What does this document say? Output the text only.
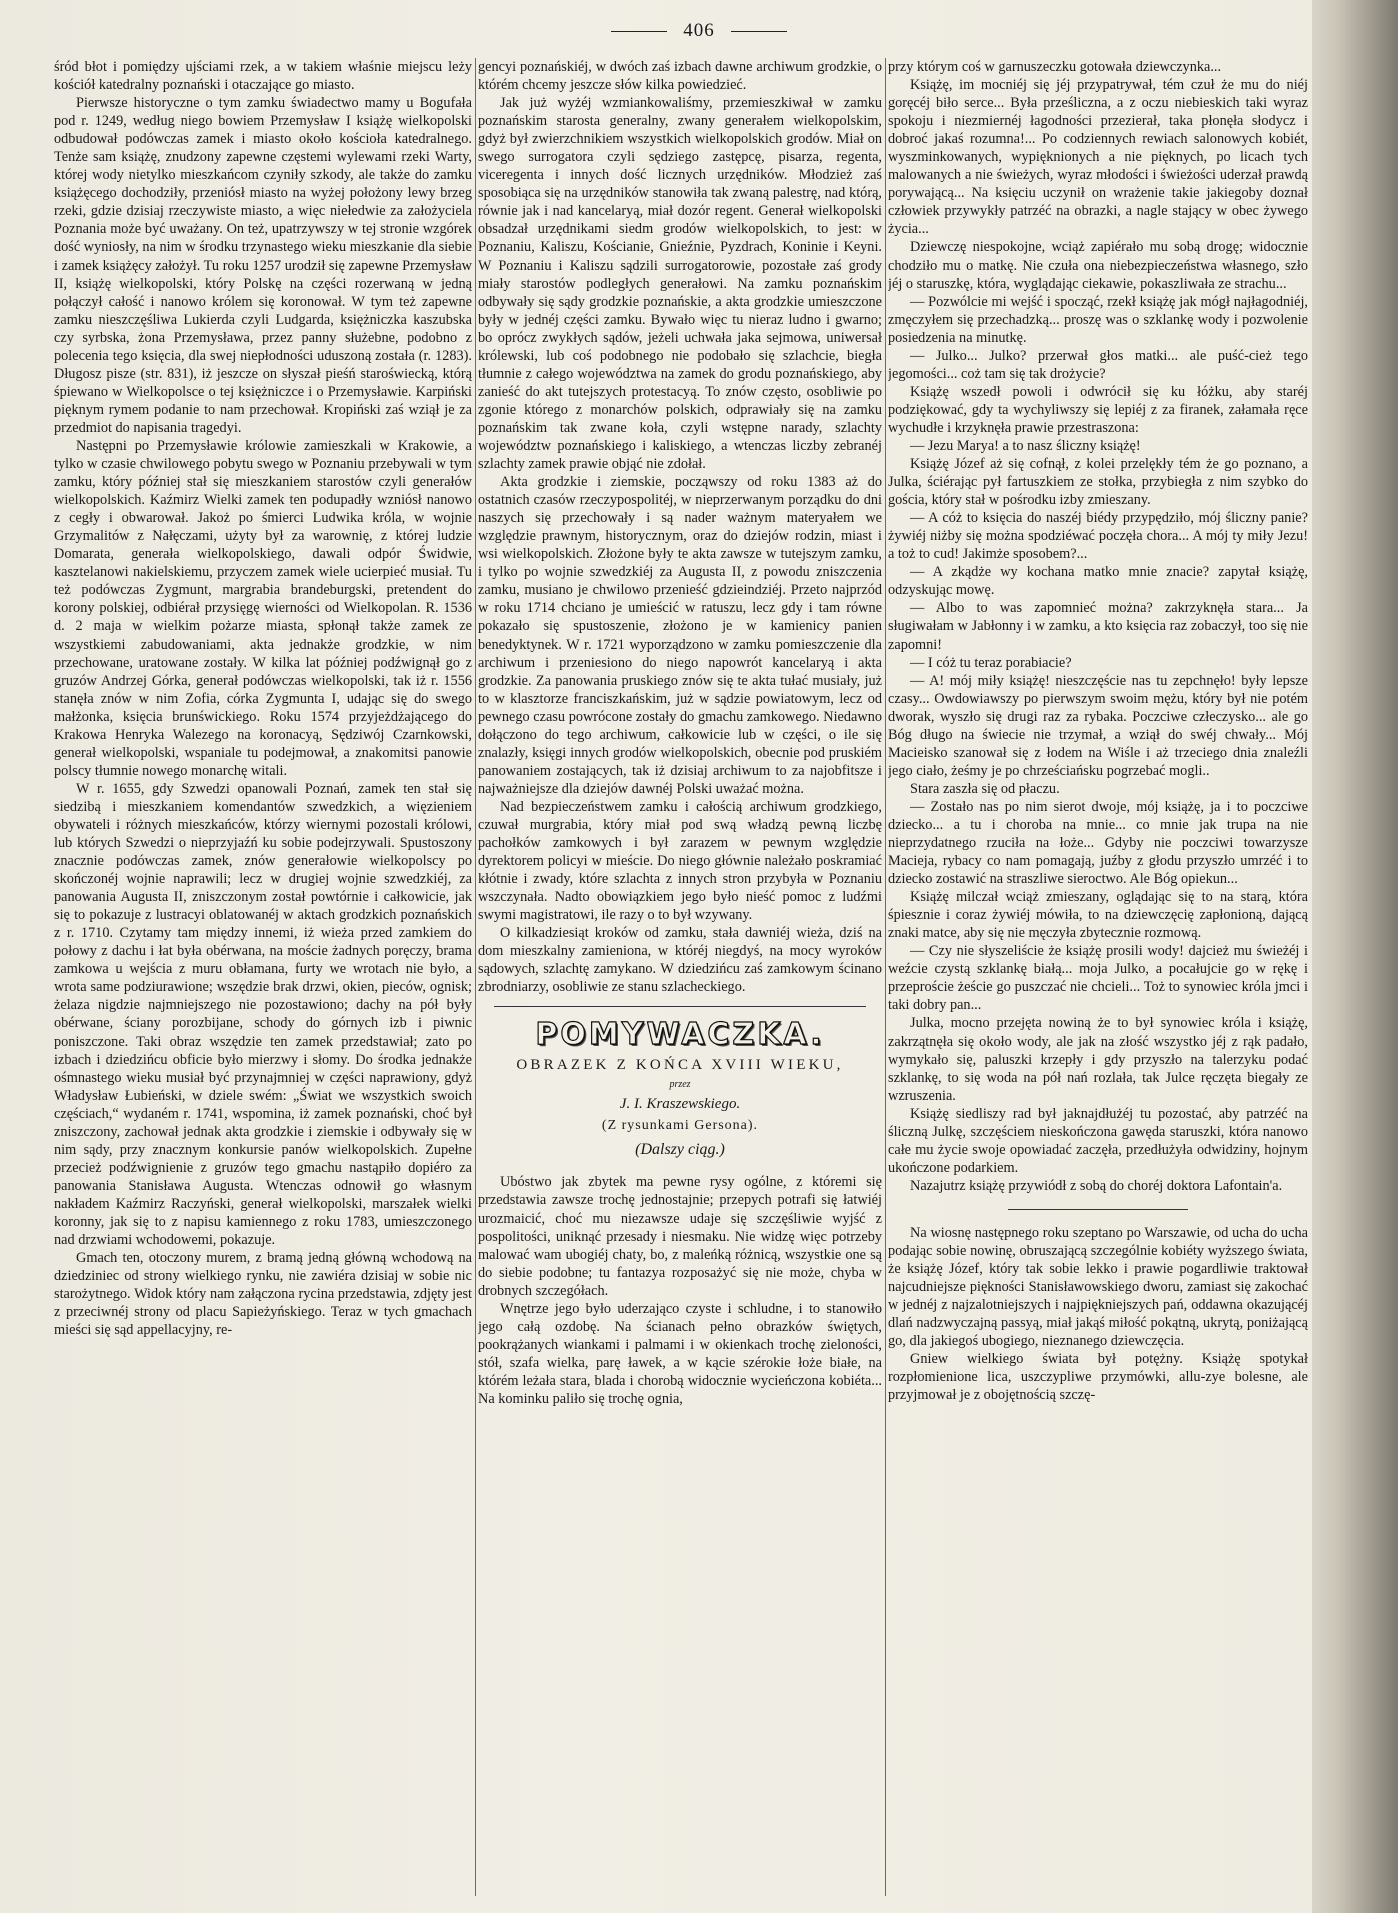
406

śród błot i pomiędzy ujściami rzek, a w takiem właśnie miejscu leży kościół katedralny poznański i otaczające go miasto.

Pierwsze historyczne o tym zamku świadectwo mamy u Bogufała pod r. 1249, według niego bowiem Przemysław I książę wielkopolski odbudował podówczas zamek i miasto około kościoła katedralnego. Tenże sam książę, znudzony zapewne częstemi wylewami rzeki Warty, której wody nietylko mieszkańcom czyniły szkody, ale także do zamku książęcego dochodziły, przeniósł miasto na wyżej położony lewy brzeg rzeki, gdzie dzisiaj rzeczywiste miasto, a więc niełedwie za założyciela Poznania może być uważany. On też, upatrzywszy w tej stronie wzgórek dość wyniosły, na nim w środku trzynastego wieku mieszkanie dla siebie i zamek książęcy założył. Tu roku 1257 urodził się zapewne Przemysław II, książę wielkopolski, który Polskę na części rozerwaną w jedną połączył całość i nanowo królem się koronował. W tym też zapewne zamku nieszczęśliwa Lukierda czyli Ludgarda, księżniczka kaszubska czy syrbska, żona Przemysława, przez panny służebne, podobno z polecenia tego księcia, dla swej niepłodności uduszoną została (r. 1283). Długosz pisze (str. 831), iż jeszcze on słyszał pieśń staroświecką, którą śpiewano w Wielkopolsce o tej księżniczce i o Przemysławie. Karpiński pięknym rymem podanie to nam przechował. Kropiński zaś wziął je za przedmiot do napisania tragedyi.

Następni po Przemysławie królowie zamieszkali w Krakowie, a tylko w czasie chwilowego pobytu swego w Poznaniu przebywali w tym zamku, który później stał się mieszkaniem starostów czyli generałów wielkopolskich. Kaźmirz Wielki zamek ten podupadły wzniósł nanowo z cegły i obwarował. Jakoż po śmierci Ludwika króla, w wojnie Grzymalitów z Nałęczami, użyty był za warownię, z której ludzie Domarata, generała wielkopolskiego, dawali odpór Świdwie, kasztelanowi nakielskiemu, przyczem zamek wiele ucierpieć musiał. Tu też podówczas Zygmunt, margrabia brandeburgski, pretendent do korony polskiej, odbiérał przysięgę wierności od Wielkopolan. R. 1536 d. 2 maja w wielkim pożarze miasta, spłonął także zamek ze wszystkiemi zabudowaniami, akta jednakże grodzkie, w nim przechowane, uratowane zostały. W kilka lat później podźwignął go z gruzów Andrzej Górka, generał podówczas wielkopolski, tak iż r. 1556 stanęła znów w nim Zofia, córka Zygmunta I, udając się do swego małżonka, księcia brunświckiego. Roku 1574 przyjeżdżającego do Krakowa Henryka Walezego na koronacyą, Sędziwój Czarnkowski, generał wielkopolski, wspaniale tu podejmował, a znakomitsi panowie polscy tłumnie nowego monarchę witali.

W r. 1655, gdy Szwedzi opanowali Poznań, zamek ten stał się siedzibą i mieszkaniem komendantów szwedzkich, a więzieniem obywateli i różnych mieszkańców, którzy wiernymi pozostali królowi, lub których Szwedzi o nieprzyjaźń ku sobie podejrzywali. Spustoszony znacznie podówczas zamek, znów generałowie wielkopolscy po skończonéj wojnie naprawili; lecz w drugiej wojnie szwedzkiéj, za panowania Augusta II, zniszczonym został powtórnie i całkowicie, jak się to pokazuje z lustracyi oblatowanéj w aktach grodzkich poznańskich z r. 1710. Czytamy tam między innemi, iż wieża przed zamkiem do połowy z dachu i łat była obérwana, na moście żadnych poręczy, brama zamkowa u wejścia z muru obłamana, furty we wrotach nie było, a wrota same podziurawione; wszędzie brak drzwi, okien, pieców, ognisk; żelaza nigdzie najmniejszego nie pozostawiono; dachy na pół były obérwane, ściany porozbijane, schody do górnych izb i piwnic poniszczone. Taki obraz wszędzie ten zamek przedstawiał; zato po izbach i dziedzińcu obficie było mierzwy i słomy. Do środka jednakże ośmnastego wieku musiał być przynajmniej w części naprawiony, gdyż Władysław Łubieński, w dziele swém: „Świat we wszystkich swoich częściach,“ wydaném r. 1741, wspomina, iż zamek poznański, choć był zniszczony, zachował jednak akta grodzkie i ziemskie i odbywały się w nim sądy, przy znacznym konkursie panów wielkopolskich. Zupełne przecież podźwignienie z gruzów tego gmachu nastąpiło dopiéro za panowania Stanisława Augusta. Wtenczas odnowił go własnym nakładem Kaźmirz Raczyński, generał wielkopolski, marszałek wielki koronny, jak się to z napisu kamiennego z roku 1783, umieszczonego nad drzwiami wchodowemi, pokazuje.

Gmach ten, otoczony murem, z bramą jedną główną wchodową na dziedziniec od strony wielkiego rynku, nie zawiéra dzisiaj w sobie nic starożytnego. Widok który nam załączona rycina przedstawia, zdjęty jest z przeciwnéj strony od placu Sapieżyńskiego. Teraz w tych gmachach mieści się sąd appellacyjny, re-

gencyi poznańskiéj, w dwóch zaś izbach dawne archiwum grodzkie, o którém chcemy jeszcze słów kilka powiedzieć.

Jak już wyżéj wzmiankowaliśmy, przemieszkiwał w zamku poznańskim starosta generalny, zwany generałem wielkopolskim, gdyż był zwierzchnikiem wszystkich wielkopolskich grodów. Miał on swego surrogatora czyli sędziego zastępcę, pisarza, regenta, viceregenta i innych dość licznych urzędników. Młodzież zaś sposobiąca się na urzędników stanowiła tak zwaną palestrę, nad którą, równie jak i nad kancelaryą, miał dozór regent. Generał wielkopolski obsadzał urzędnikami siedm grodów wielkopolskich, to jest: w Poznaniu, Kaliszu, Kościanie, Gnieźnie, Pyzdrach, Koninie i Keyni. W Poznaniu i Kaliszu sądzili surrogatorowie, pozostałe zaś grody miały starostów podległych generałowi. Na zamku poznańskim odbywały się sądy grodzkie poznańskie, a akta grodzkie umieszczone były w jednéj części zamku. Bywało więc tu nieraz ludno i gwarno; bo oprócz zwykłych sądów, jeżeli uchwała jaka sejmowa, uniwersał królewski, lub coś podobnego nie podobało się szlachcie, biegła tłumnie z całego województwa na zamek do grodu poznańskiego, aby zanieść do akt tutejszych protestacyą. To znów często, osobliwie po zgonie którego z monarchów polskich, odprawiały się na zamku poznańskim tak zwane koła, czyli wstępne narady, szlachty województw poznańskiego i kaliskiego, a wtenczas liczby zebranéj szlachty zamek prawie objąć nie zdołał.

Akta grodzkie i ziemskie, począwszy od roku 1383 aż do ostatnich czasów rzeczypospolitéj, w nieprzerwanym porządku do dni naszych się przechowały i są nader ważnym materyałem we względzie prawnym, historycznym, oraz do dziejów rodzin, miast i wsi wielkopolskich. Złożone były te akta zawsze w tutejszym zamku, i tylko po wojnie szwedzkiéj za Augusta II, z powodu zniszczenia zamku, musiano je chwilowo przenieść gdzieindziéj. Przeto najprzód w roku 1714 chciano je umieścić w ratuszu, lecz gdy i tam równe pokazało się spustoszenie, złożono je w kamienicy panien benedyktynek. W r. 1721 wyporządzono w zamku pomieszczenie dla archiwum i przeniesiono do niego napowrót kancelaryą i akta grodzkie. Za panowania pruskiego znów się te akta tułać musiały, już to w klasztorze franciszkańskim, już w sądzie powiatowym, lecz od pewnego czasu powrócone zostały do gmachu zamkowego. Niedawno dołączono do tego archiwum, całkowicie lub w części, o ile się znalazły, księgi innych grodów wielkopolskich, obecnie pod pruskiém panowaniem zostających, tak iż dzisiaj archiwum to za najobfitsze i najważniejsze dla dziejów dawnéj Polski uważać można.

Nad bezpieczeństwem zamku i całością archiwum grodzkiego, czuwał murgrabia, który miał pod swą władzą pewną liczbę pachołków zamkowych i był zarazem w pewnym względzie dyrektorem policyi w mieście. Do niego głównie należało poskramiać kłótnie i zwady, które szlachta z innych stron przybyła w Poznaniu wszczynała. Nadto obowiązkiem jego było nieść pomoc z ludźmi swymi magistratowi, ile razy o to był wzywany.

O kilkadziesiąt kroków od zamku, stała dawniéj wieża, dziś na dom mieszkalny zamieniona, w któréj niegdyś, na mocy wyroków sądowych, szlachtę zamykano. W dziedzińcu zaś zamkowym ścinano zbrodniarzy, osobliwie ze stanu szlacheckiego.

POMYWACZKA.
OBRAZEK Z KOŃCA XVIII WIEKU,
przez
J. I. Kraszewskiego.
(Z rysunkami Gersona).
(Dalszy ciąg.)

Ubóstwo jak zbytek ma pewne rysy ogólne, z któremi się przedstawia zawsze trochę jednostajnie; przepych potrafi się łatwiéj urozmaicić, choć mu niezawsze udaje się szczęśliwie wyjść z pospolitości, uniknąć przesady i niesmaku. Nie widzę więc potrzeby malować wam ubogiéj chaty, bo, z maleńką różnicą, wszystkie one są do siebie podobne; tu fantazya rozposażyć się nie może, chyba w drobnych szczegółach.

Wnętrze jego było uderzająco czyste i schludne, i to stanowiło jego całą ozdobę. Na ścianach pełno obrazków świętych, pookrążanych wiankami i palmami i w okienkach trochę zieloności, stół, szafa wielka, parę ławek, a w kącie szérokie łoże białe, na którém leżała stara, blada i chorobą widocznie wycieńczona kobiéta... Na kominku paliło się trochę ognia,

przy którym coś w garnuszeczku gotowała dziewczynka...

Książę, im mocniéj się jéj przypatrywał, tém czuł że mu do niéj goręcéj biło serce... Była prześliczna, a z oczu niebieskich taki wyraz spokoju i niezmiernéj łagodności przezierał, taka płonęła słodycz i dobroć jakaś rozumna!... Po codziennych rewiach salonowych kobiét, wyszminkowanych, wypięknionych a nie pięknych, po licach tych malowanych a nie świeżych, wyraz młodości i świeżości uderzał prawdą porywającą... Na księciu uczynił on wrażenie takie jakiegoby doznał człowiek przywykły patrzéć na obrazki, a nagle stający w obec żywego życia...

Dziewczę niespokojne, wciąż zapiérało mu sobą drogę; widocznie chodziło mu o matkę. Nie czuła ona niebezpieczeństwa własnego, szło jéj o staruszkę, która, wyglądając ciekawie, pokaszliwała ze strachu...

— Pozwólcie mi wejść i spocząć, rzekł książę jak mógł najłagodniéj, zmęczyłem się przechadzką... proszę was o szklankę wody i pozwolenie posiedzenia na minutkę.

— Julko... Julko? przerwał głos matki... ale puść-cież tego jegomości... coż tam się tak drożycie?

Książę wszedł powoli i odwrócił się ku łóżku, aby staréj podziękować, gdy ta wychyliwszy się lepiéj z za firanek, załamała ręce wychudłe i krzyknęła prawie przestraszona:

— Jezu Marya! a to nasz śliczny książę!

Książę Józef aż się cofnął, z kolei przelękły tém że go poznano, a Julka, ściérając pył fartuszkiem ze stołka, przybiegła z nim szybko do gościa, który stał w pośrodku izby zmieszany.

— A cóż to księcia do naszéj biédy przypędziło, mój śliczny panie? żywiéj niżby się można spodziéwać poczęła chora... A mój ty miły Jezu! a toż to cud! Jakimże sposobem?...

— A zkądże wy kochana matko mnie znacie? zapytał książę, odzyskując mowę.

— Albo to was zapomnieć można? zakrzyknęła stara... Ja sługiwałam w Jabłonny i w zamku, a kto księcia raz zobaczył, too się nie zapomni!

— I cóż tu teraz porabiacie?

— A! mój miły książę! nieszczęście nas tu zepchnęło! były lepsze czasy... Owdowiawszy po pierwszym swoim mężu, który był nie potém dworak, wyszło się drugi raz za rybaka. Poczciwe człeczysko... ale go Bóg długo na świecie nie trzymał, a wziął do swéj chwały... Mój Macieisko szanował się z łodem na Wiśle i aż trzeciego dnia znaleźli jego ciało, żeśmy je po chrześciańsku pogrzebać mogli..

Stara zaszła się od płaczu.

— Zostało nas po nim sierot dwoje, mój książę, ja i to poczciwe dziecko... a tu i choroba na mnie... co mnie jak trupa na nie nieprzydatnego rzuciła na łoże... Gdyby nie poczciwi towarzysze Macieja, rybacy co nam pomagają, juźby z głodu przyszło umrzéć i to dziecko zostawić na straszliwe sieroctwo. Ale Bóg opiekun...

Książę milczał wciąż zmieszany, oglądając się to na starą, która śpiesznie i coraz żywiéj mówiła, to na dziewczęcię zapłonioną, dającą znaki matce, aby się nie męczyła zbytecznie rozmową.

— Czy nie słyszeliście że książę prosili wody! dajcież mu świeżéj i weźcie czystą szklankę białą... moja Julko, a pocałujcie go w rękę i przeproście żeście go puszczać nie chcieli... Toż to synowiec króla jmci i taki dobry pan...

Julka, mocno przejęta nowiną że to był synowiec króla i książę, zakrzątnęła się około wody, ale jak na złość wszystko jéj z rąk padało, wymykało się, paluszki krzepły i gdy przyszło na talerzyku podać szklankę, to się woda na pół nań rozlała, tak Julce ręczęta biegały ze wzruszenia.

Książę siedliszy rad był jaknajdłużéj tu pozostać, aby patrzéć na śliczną Julkę, szczęściem nieskończona gawęda staruszki, która nanowo całe mu życie swoje opowiadać zaczęła, przedłużyła odwidziny, hojnym ukończone podarkiem.

Nazajutrz książę przywiódł z sobą do choréj doktora Lafontain'a.

Na wiosnę następnego roku szeptano po Warszawie, od ucha do ucha podając sobie nowinę, obruszającą szczególnie kobiéty wyższego świata, że książę Józef, który tak sobie lekko i prawie pogardliwie traktował najcudniejsze piękności Stanisławowskiego dworu, zamiast się zakochać w jednéj z najzalotniejszych i najpiękniejszych pań, oddawna okazującéj dlań nadzwyczajną passyą, miał jakąś miłość pokątną, ukrytą, poniżającą go, dla jakiegoś ubogiego, nieznanego dziewczęcia.

Gniew wielkiego świata był potężny. Książę spotykał rozpłomienione lica, uszczypliwe przymówki, allu-zye bolesne, ale przyjmował je z obojętnością szczę-
